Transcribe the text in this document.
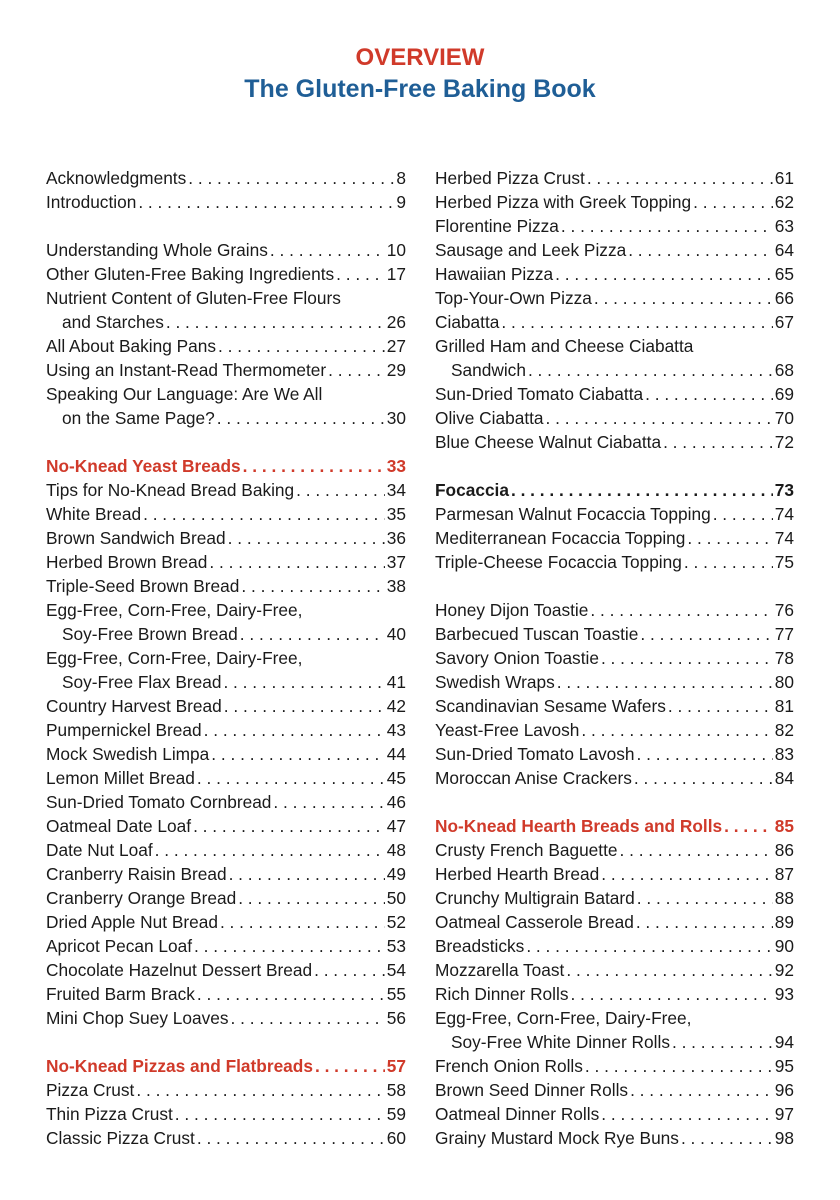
OVERVIEW
The Gluten-Free Baking Book
Acknowledgments . . .	8
Introduction . . .	9
Understanding Whole Grains . . .	10
Other Gluten-Free Baking Ingredients . . .	17
Nutrient Content of Gluten-Free Flours
and Starches . . .	26
All About Baking Pans . . .	27
Using an Instant-Read Thermometer . . .	29
Speaking Our Language: Are We All
on the Same Page? . . .	30
No-Knead Yeast Breads . . .	33
Tips for No-Knead Bread Baking . . .	34
White Bread . . .	35
Brown Sandwich Bread . . .	36
Herbed Brown Bread . . .	37
Triple-Seed Brown Bread . . .	38
Egg-Free, Corn-Free, Dairy-Free,
Soy-Free Brown Bread . . .	40
Egg-Free, Corn-Free, Dairy-Free,
Soy-Free Flax Bread . . .	41
Country Harvest Bread . . .	42
Pumpernickel Bread . . .	43
Mock Swedish Limpa . . .	44
Lemon Millet Bread . . .	45
Sun-Dried Tomato Cornbread . . .	46
Oatmeal Date Loaf . . .	47
Date Nut Loaf . . .	48
Cranberry Raisin Bread . . .	49
Cranberry Orange Bread . . .	50
Dried Apple Nut Bread . . .	52
Apricot Pecan Loaf . . .	53
Chocolate Hazelnut Dessert Bread . . .	54
Fruited Barm Brack . . .	55
Mini Chop Suey Loaves . . .	56
No-Knead Pizzas and Flatbreads . . .	57
Pizza Crust . . .	58
Thin Pizza Crust . . .	59
Classic Pizza Crust . . .	60
Herbed Pizza Crust . . .	61
Herbed Pizza with Greek Topping . . .	62
Florentine Pizza . . .	63
Sausage and Leek Pizza . . .	64
Hawaiian Pizza . . .	65
Top-Your-Own Pizza . . .	66
Ciabatta . . .	67
Grilled Ham and Cheese Ciabatta
Sandwich . . .	68
Sun-Dried Tomato Ciabatta . . .	69
Olive Ciabatta . . .	70
Blue Cheese Walnut Ciabatta . . .	72
Focaccia . . .	73
Parmesan Walnut Focaccia Topping . . .	74
Mediterranean Focaccia Topping . . .	74
Triple-Cheese Focaccia Topping . . .	75
Honey Dijon Toastie . . .	76
Barbecued Tuscan Toastie . . .	77
Savory Onion Toastie . . .	78
Swedish Wraps . . .	80
Scandinavian Sesame Wafers . . .	81
Yeast-Free Lavosh . . .	82
Sun-Dried Tomato Lavosh . . .	83
Moroccan Anise Crackers . . .	84
No-Knead Hearth Breads and Rolls . . .	85
Crusty French Baguette . . .	86
Herbed Hearth Bread . . .	87
Crunchy Multigrain Batard . . .	88
Oatmeal Casserole Bread . . .	89
Breadsticks . . .	90
Mozzarella Toast . . .	92
Rich Dinner Rolls . . .	93
Egg-Free, Corn-Free, Dairy-Free,
Soy-Free White Dinner Rolls . . .	94
French Onion Rolls . . .	95
Brown Seed Dinner Rolls . . .	96
Oatmeal Dinner Rolls . . .	97
Grainy Mustard Mock Rye Buns . . .	98
